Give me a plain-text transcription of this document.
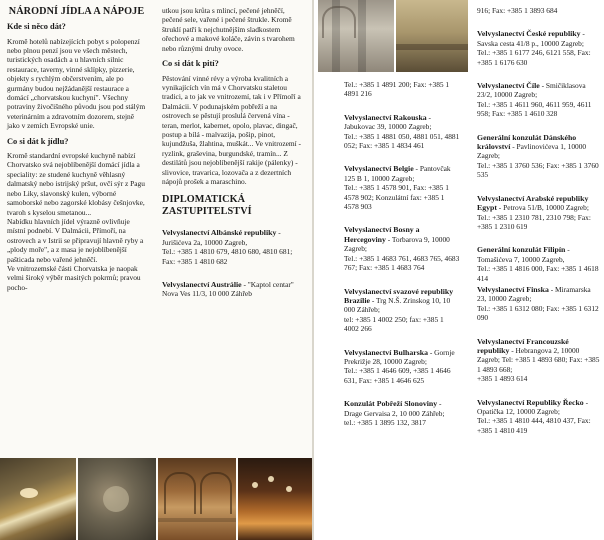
NÁRODNÍ JÍDLA A NÁPOJE
Kde si něco dát?

Kromě hotelů nabízejících pobyt s polopenzí nebo plnou penzí jsou ve všech městech, turistických osadách a u hlavních silnic restaurace, taverny, vinné sklípky, pizzerie, objekty s rychlým občerstvením, ale po gurmány budou nejžádanější restaurace a domácí „chorvatskou kuchyní". Všechny potraviny živočišného původu jsou pod stálým veterinárním a zdravotním dozorem, stejně jako v zemích Evropské unie.

Co si dát k jídlu?

Kromě standardní evropské kuchyně nabízí Chorvatsko svá nejoblíbenější domácí jídla a speciality: ze studené kuchyně věhlasný dalmatský nebo istrijský pršut, ovčí sýr z Pagu nebo Liky, slavonský kulen, výborné samoborské nebo zagorské klobásy češnjovke, tvaroh s kyselou smetanou...

Nabídku hlavních jídel výrazně ovlivňuje místní podnebí. V Dalmácii, Přímoří, na ostrovech a v Istrii se připravují hlavně ryby a „plody moře", a z masa je nejoblíbenější pašticada nebo vařené jehněčí.

Ve vnitrozemské části Chorvatska je naopak velmi široký výběr masitých pokrmů; pravou pocho-

utkou jsou krůta s mlincí, pečené jehněčí, pečené sele, vařené i pečené štrukle. Kromě štruklí patří k nejchutnějším sladkostem ořechové a makové koláče, závin s tvarohem nebo různými druhy ovoce.

Co si dát k pití?

Pěstování vinné révy a výroba kvalitních a vynikajících vín má v Chorvatsku staletou tradici, a to jak ve vnitrozemí, tak i v Přímoří a Dalmácii. V podunajském pobřeží a na ostrovech se pěstují prosluĺá červená vína - teran, merlot, kabernet, opolo, plavac, dingač, postup a bílá - malvazija, pošip, pinot, kujundžuša, žlahtina, muškát... Ve vnitrozemí - ryzlink, graševina, burgundské, tramín... Z destilátů jsou nejoblíbenější rakije (pálenky) - slivovice, travarica, lozovača a z dezertních nápojů prošek a maraschino.

DIPLOMATICKÁ ZASTUPITELSTVÍ
Velvyslanectví Albánské republiky - Jurišićeva 2a, 10000 Zagreb,
Tel.: +385 1 4810 679, 4810 680, 4810 681; Fax: +385 1 4810 682
Velvyslanectví Austrálie - "Kaptol centar" Nova Ves 11/3, 10 000 Záhřeb
Tel.: +385 1 4891 200; Fax: +385 1 4891 216
Velvyslanectví Rakouska - Jabukovac 39, 10000 Zagreb;
Tel.: +385 1 4881 050, 4881 051, 4881 052; Fax: +385 1 4834 461
Velvyslanectví Belgie - Pantovčak 125 B 1, 10000 Zagreb;
Tel.: +385 1 4578 901, Fax: +385 1 4578 902; Konzulátní fax: +385 1 4578 903
Velvyslanectví Bosny a Hercegoviny - Torbarova 9, 10000 Zagreb;
Tel.: +385 1 4683 761, 4683 765, 4683 767; Fax: +385 1 4683 764
Velvyslanectví svazové republiky Brazílie - Trg N.Š. Zrinskog 10, 10 000 Záhřeb;
tel: +385 1 4002 250; fax: +385 1 4002 266
Velvyslanectví Bulharska - Gornje Prekrižje 28, 10000 Zagreb;
Tel.: +385 1 4646 609, +385 1 4646 631, Fax: +385 1 4646 625
Konzulát Pobřeží Slonoviny - Drage Gervaisa 2, 10 000 Záhřeb;
tel.: +385 1 3895 132, 3817
916; Fax: +385 1 3893 684
Velvyslanectví České republiky - Savska cesta 41/8 p., 10000 Zagreb;
Tel.: +385 1 6177 246, 6121 558, Fax: +385 1 6176 630
Velvyslanectví Číle - Smičiklasova 23/2, 10000 Zagreb;
Tel.: +385 1 4611 960, 4611 959, 4611 958; Fax: +385 1 4610 328
Generální konzulát Dánského království - Pavlinovićeva 1, 10000 Zagreb;
Tel.: +385 1 3760 536; Fax: +385 1 3760 535
Velvyslanectví Arabské republiky Egypt - Petrova 51/B, 10000 Zagreb;
Tel.: +385 1 2310 781, 2310 798; Fax: +385 1 2310 619
Generální konzulát Filipín - Tomašićeva 7, 10000 Zagreb,
Tel.: +385 1 4816 000, Fax: +385 1 4618 414
Velvyslanectví Finska - Miramarska 23, 10000 Zagreb;
Tel.: +385 1 6312 080; Fax: +385 1 6312 090
Velvyslanectví Francouzské republiky - Hebrangova 2, 10000 Zagreb; Tel: +385 1 4893 680; Fax: +385 1 4893 668;
+385 1 4893 614
Velvyslanectví Republiky Řecko - Opatička 12, 10000 Zagreb;
Tel.: +385 1 4810 444, 4810 437, Fax: +385 1 4810 419
